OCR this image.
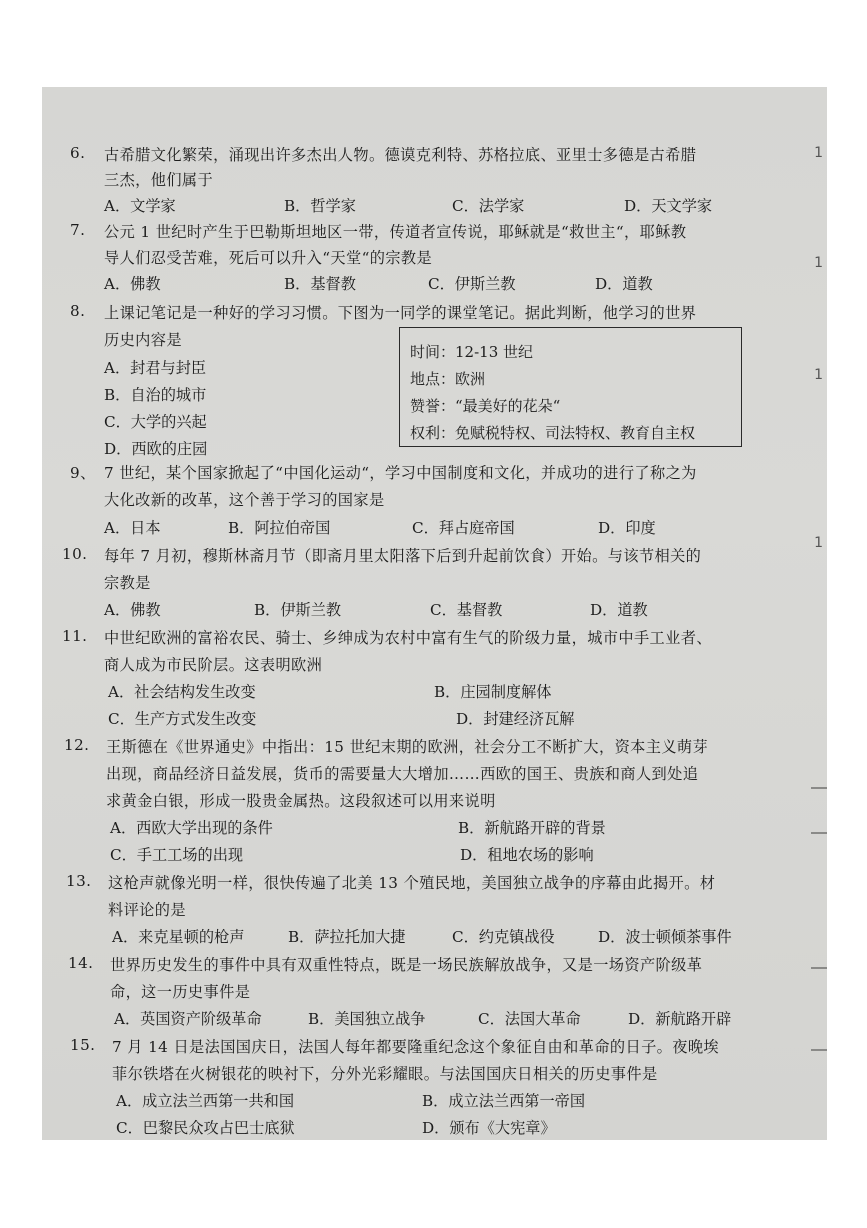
6. 古希腊文化繁荣，涌现出许多杰出人物。德谟克利特、苏格拉底、亚里士多德是古希腊
三杰，他们属于
A．文学家	B．哲学家	C．法学家	D．天文学家
7. 公元 1 世纪时产生于巴勒斯坦地区一带，传道者宣传说，耶稣就是“救世主“，耶稣教
导人们忍受苦难，死后可以升入“天堂“的宗教是
A．佛教	B．基督教	C．伊斯兰教	D．道教
8. 上课记笔记是一种好的学习习惯。下图为一同学的课堂笔记。据此判断，他学习的世界
历史内容是
A．封君与封臣
B．自治的城市
C．大学的兴起
D．西欧的庄园
时间：12-13 世纪
地点：欧洲
赞誉：“最美好的花朵“
权利：免赋税特权、司法特权、教育自主权
9、 7 世纪，某个国家掀起了“中国化运动“，学习中国制度和文化，并成功的进行了称之为
大化改新的改革，这个善于学习的国家是
A．日本	B．阿拉伯帝国	C．拜占庭帝国	D．印度
10. 每年 7 月初，穆斯林斋月节（即斋月里太阳落下后到升起前饮食）开始。与该节相关的
宗教是
A．佛教	B．伊斯兰教	C．基督教	D．道教
11. 中世纪欧洲的富裕农民、骑士、乡绅成为农村中富有生气的阶级力量，城市中手工业者、
商人成为市民阶层。这表明欧洲
A．社会结构发生改变	B．庄园制度解体
C．生产方式发生改变	D．封建经济瓦解
12. 王斯德在《世界通史》中指出：15 世纪末期的欧洲，社会分工不断扩大，资本主义萌芽
出现，商品经济日益发展，货币的需要量大大增加……西欧的国王、贵族和商人到处追
求黄金白银，形成一股贵金属热。这段叙述可以用来说明
A．西欧大学出现的条件	B．新航路开辟的背景
C．手工工场的出现	D．租地农场的影响
13. 这枪声就像光明一样，很快传遍了北美 13 个殖民地，美国独立战争的序幕由此揭开。材
料评论的是
A．来克星顿的枪声	B．萨拉托加大捷	C．约克镇战役	D．波士顿倾茶事件
14. 世界历史发生的事件中具有双重性特点，既是一场民族解放战争，又是一场资产阶级革
命，这一历史事件是
A．英国资产阶级革命	B．美国独立战争	C．法国大革命	D．新航路开辟
15. 7 月 14 日是法国国庆日，法国人每年都要隆重纪念这个象征自由和革命的日子。夜晚埃
菲尔铁塔在火树银花的映衬下，分外光彩耀眼。与法国国庆日相关的历史事件是
A．成立法兰西第一共和国	B．成立法兰西第一帝国
C．巴黎民众攻占巴士底狱	D．颁布《大宪章》
1
1
1
1
